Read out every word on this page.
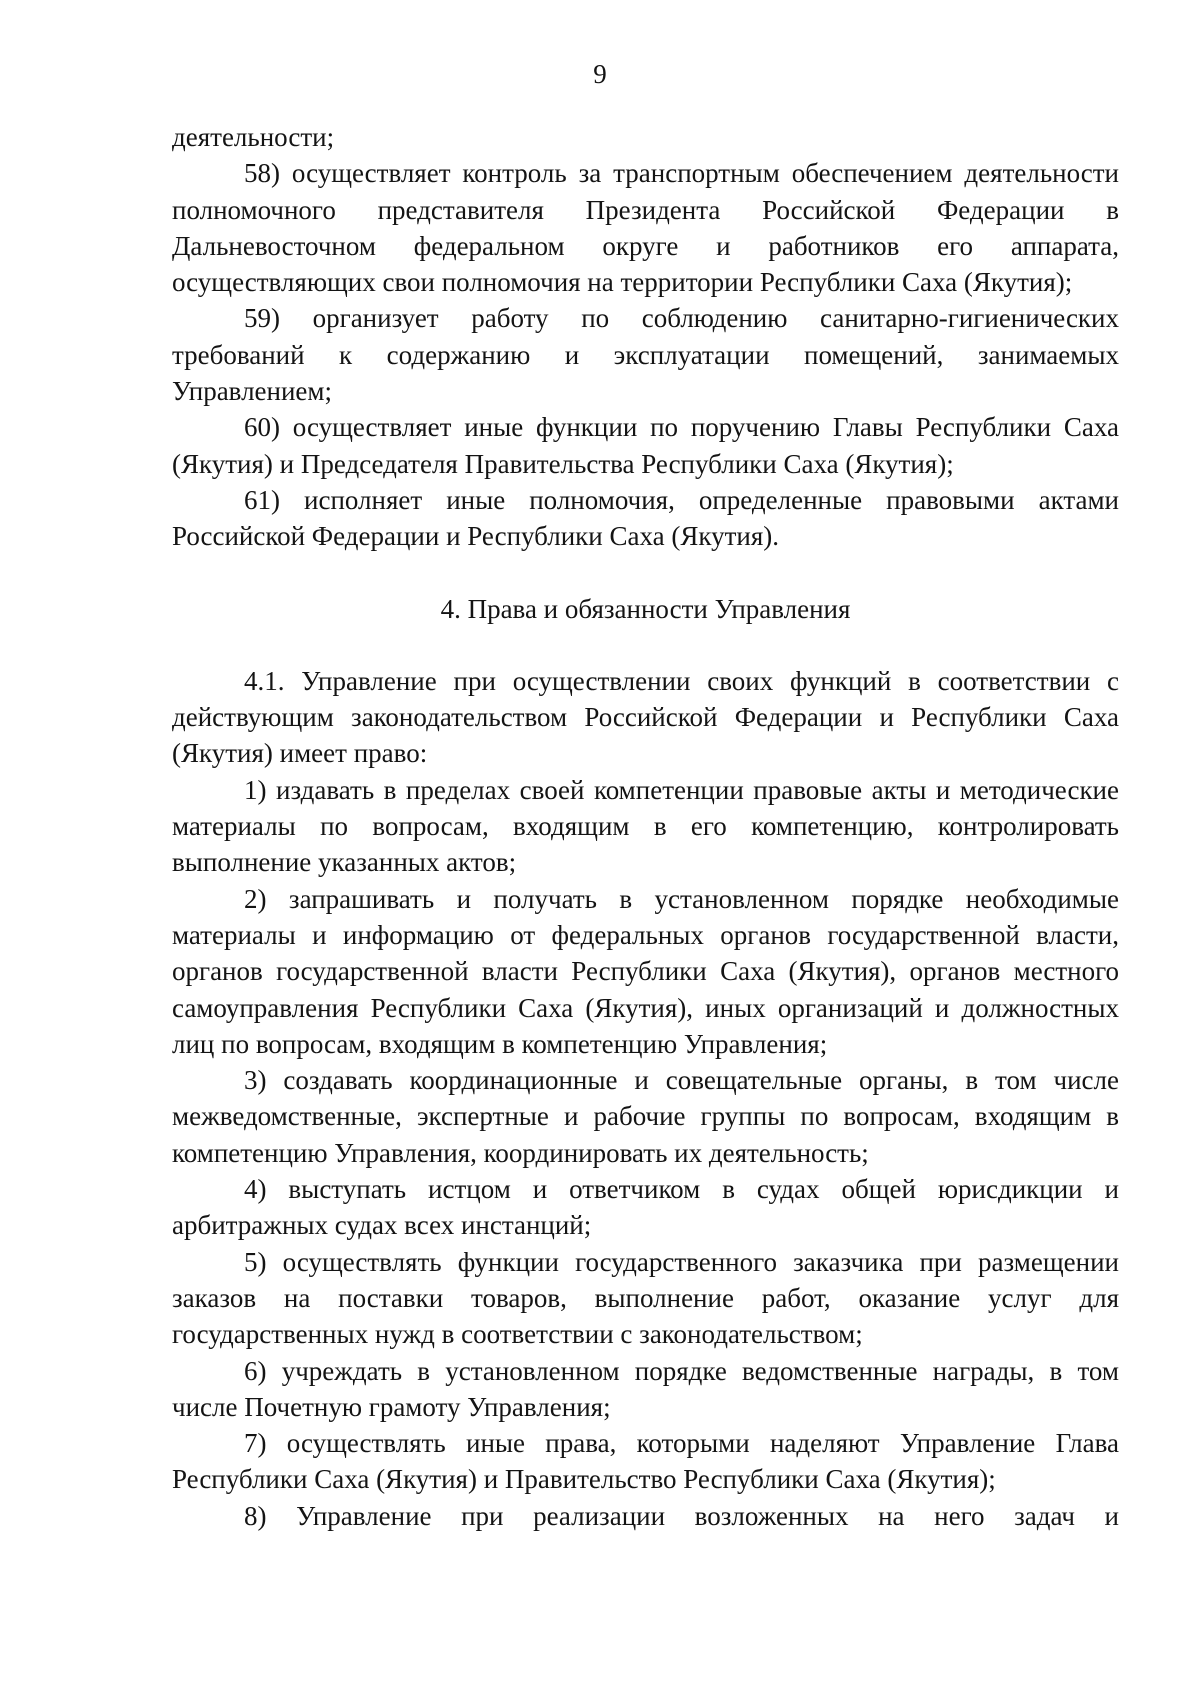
9

деятельности;

58) осуществляет контроль за транспортным обеспечением деятельности полномочного представителя Президента Российской Федерации в Дальневосточном федеральном округе и работников его аппарата, осуществляющих свои полномочия на территории Республики Саха (Якутия);

59) организует работу по соблюдению санитарно-гигиенических требований к содержанию и эксплуатации помещений, занимаемых Управлением;

60) осуществляет иные функции по поручению Главы Республики Саха (Якутия) и Председателя Правительства Республики Саха (Якутия);

61) исполняет иные полномочия, определенные правовыми актами Российской Федерации и Республики Саха (Якутия).

4. Права и обязанности Управления

4.1. Управление при осуществлении своих функций в соответствии с действующим законодательством Российской Федерации и Республики Саха (Якутия) имеет право:

1) издавать в пределах своей компетенции правовые акты и методические материалы по вопросам, входящим в его компетенцию, контролировать выполнение указанных актов;

2) запрашивать и получать в установленном порядке необходимые материалы и информацию от федеральных органов государственной власти, органов государственной власти Республики Саха (Якутия), органов местного самоуправления Республики Саха (Якутия), иных организаций и должностных лиц по вопросам, входящим в компетенцию Управления;

3) создавать координационные и совещательные органы, в том числе межведомственные, экспертные и рабочие группы по вопросам, входящим в компетенцию Управления, координировать их деятельность;

4) выступать истцом и ответчиком в судах общей юрисдикции и арбитражных судах всех инстанций;

5) осуществлять функции государственного заказчика при размещении заказов на поставки товаров, выполнение работ, оказание услуг для государственных нужд в соответствии с законодательством;

6) учреждать в установленном порядке ведомственные награды, в том числе Почетную грамоту Управления;

7) осуществлять иные права, которыми наделяют Управление Глава Республики Саха (Якутия) и Правительство Республики Саха (Якутия);

8) Управление при реализации возложенных на него задач и
